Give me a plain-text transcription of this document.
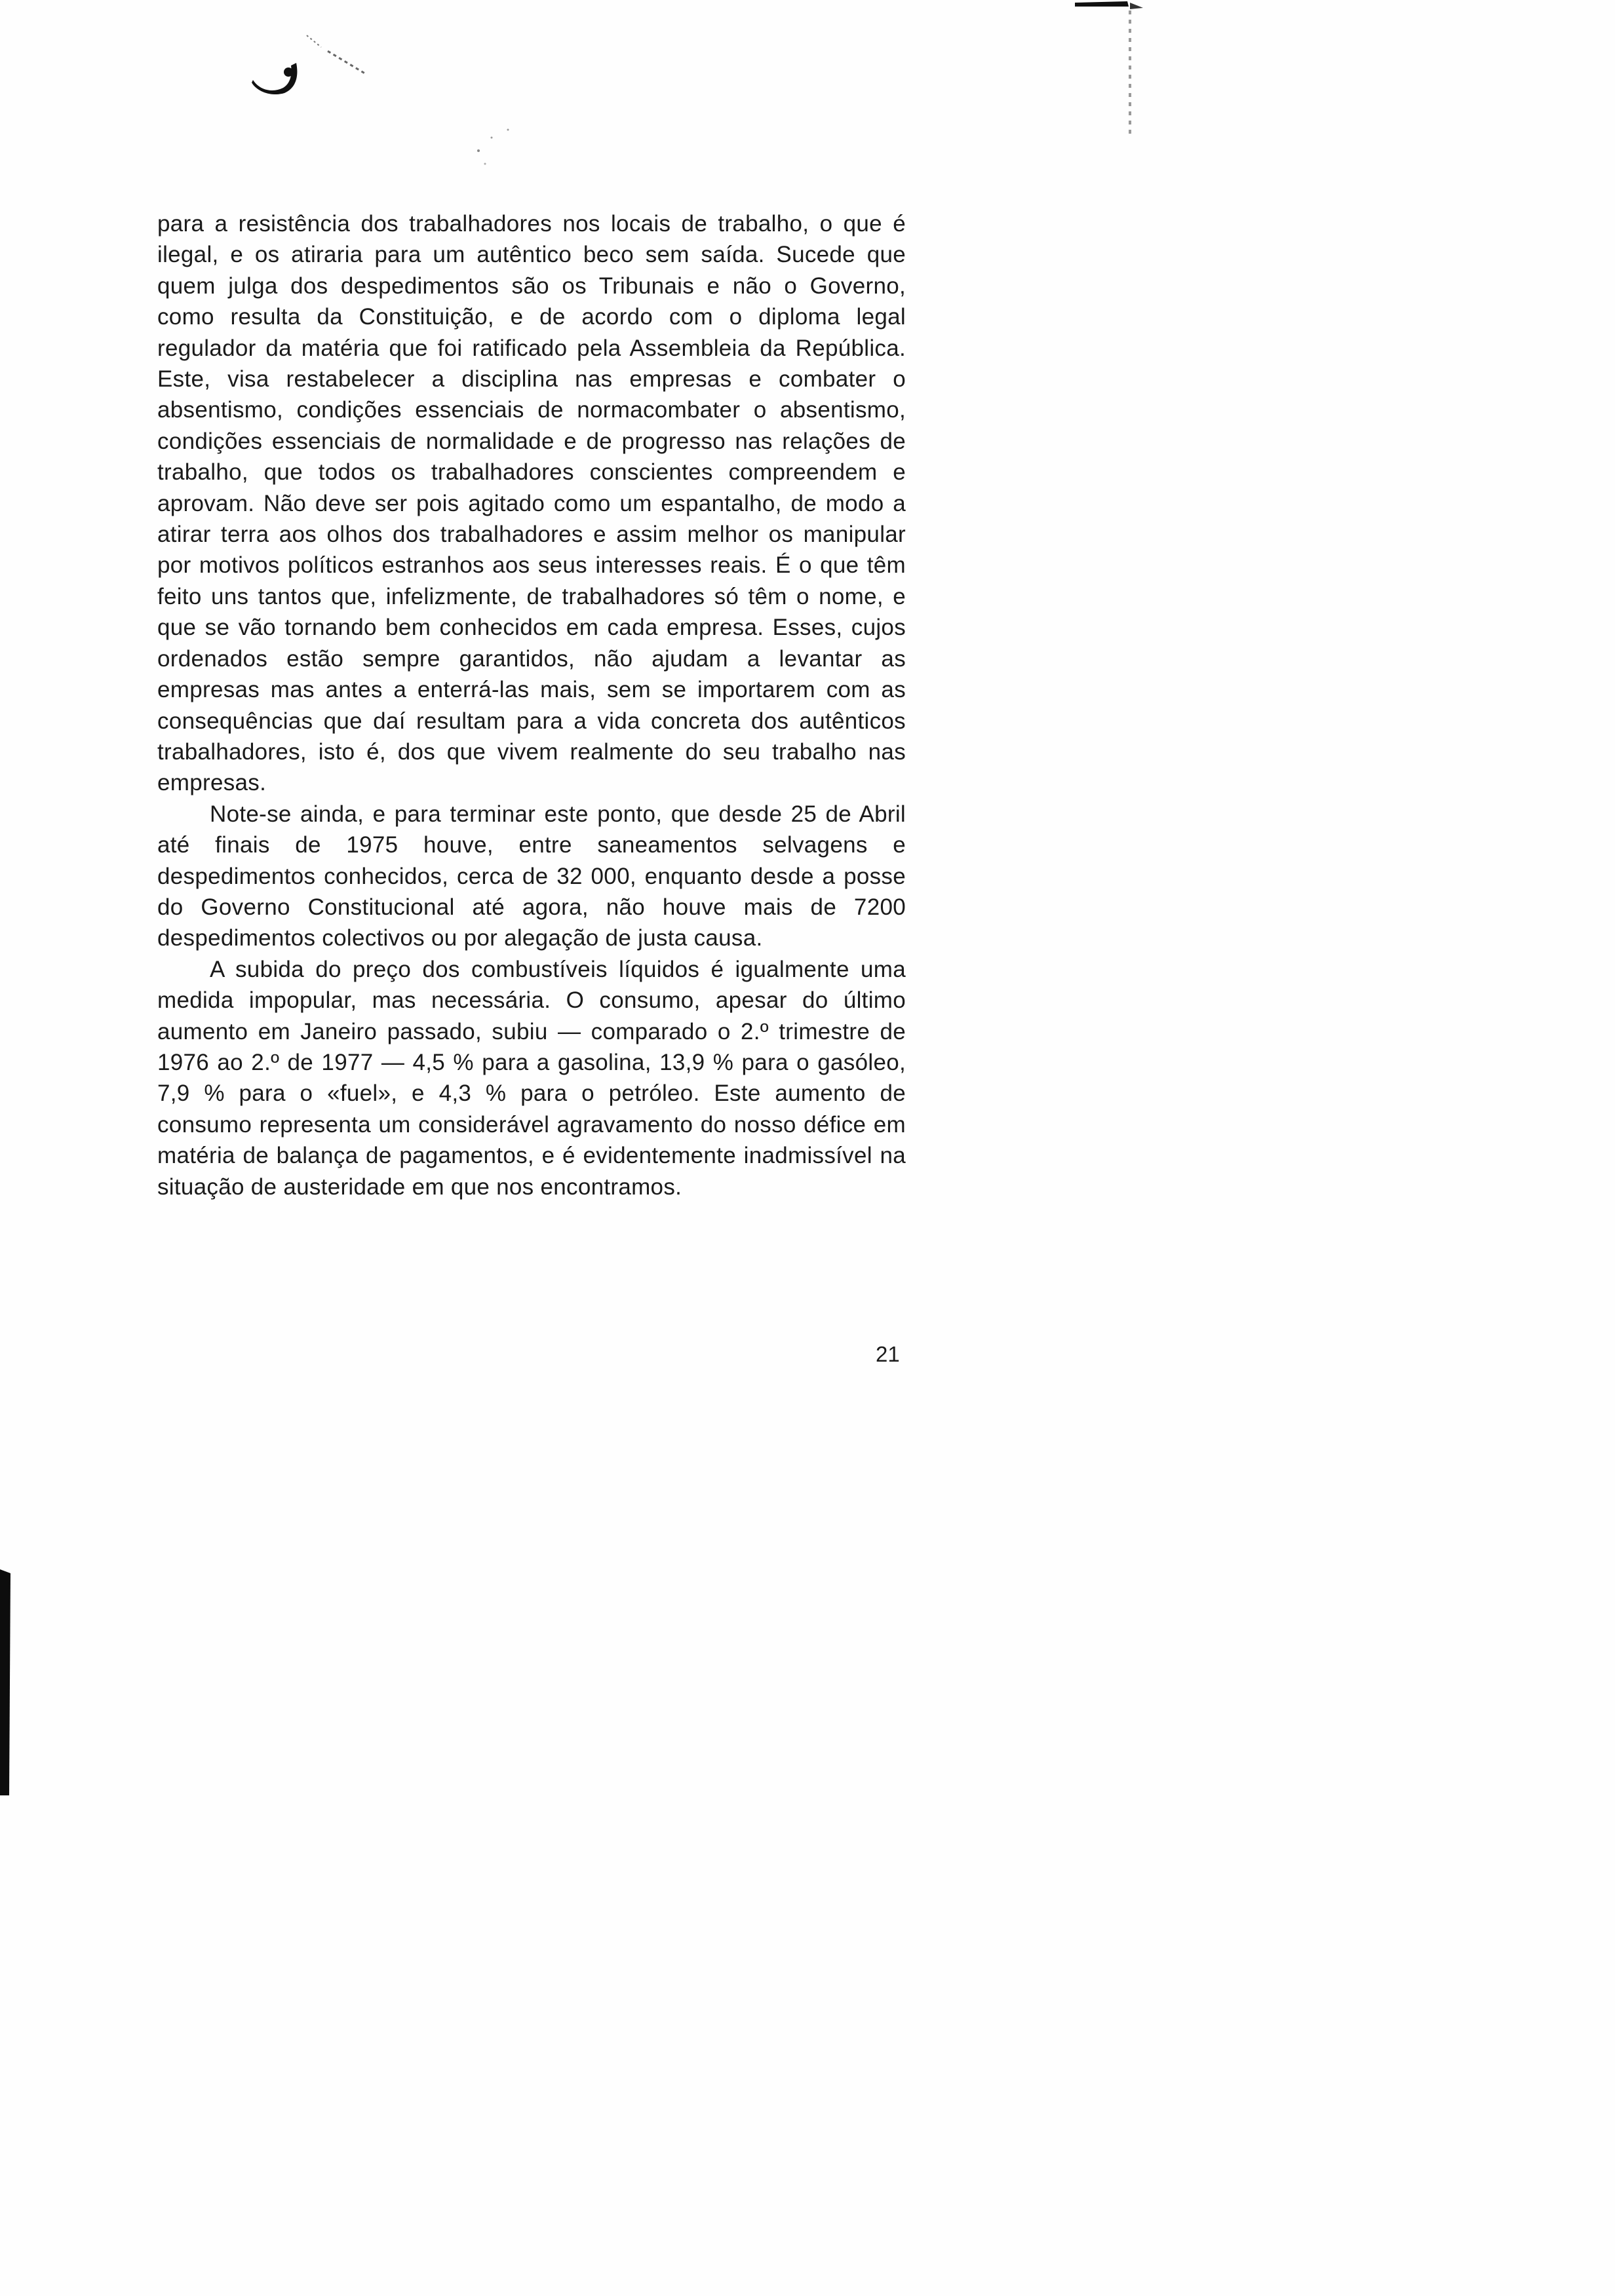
para a resistência dos trabalhadores nos locais de trabalho, o que é ilegal, e os atiraria para um autêntico beco sem saída. Sucede que quem julga dos despedimentos são os Tribunais e não o Governo, como resulta da Constituição, e de acordo com o diploma legal regulador da matéria que foi ratificado pela Assembleia da República. Este, visa restabelecer a disciplina nas empresas e combater o absentismo, condições essenciais de normacombater o absentismo, condições essenciais de normalidade e de progresso nas relações de trabalho, que todos os trabalhadores conscientes compreendem e aprovam. Não deve ser pois agitado como um espantalho, de modo a atirar terra aos olhos dos trabalhadores e assim melhor os manipular por motivos políticos estranhos aos seus interesses reais. É o que têm feito uns tantos que, infelizmente, de trabalhadores só têm o nome, e que se vão tornando bem conhecidos em cada empresa. Esses, cujos ordenados estão sempre garantidos, não ajudam a levantar as empresas mas antes a enterrá-las mais, sem se importarem com as consequências que daí resultam para a vida concreta dos autênticos trabalhadores, isto é, dos que vivem realmente do seu trabalho nas empresas.

Note-se ainda, e para terminar este ponto, que desde 25 de Abril até finais de 1975 houve, entre saneamentos selvagens e despedimentos conhecidos, cerca de 32 000, enquanto desde a posse do Governo Constitucional até agora, não houve mais de 7200 despedimentos colectivos ou por alegação de justa causa.

A subida do preço dos combustíveis líquidos é igualmente uma medida impopular, mas necessária. O consumo, apesar do último aumento em Janeiro passado, subiu — comparado o 2.º trimestre de 1976 ao 2.º de 1977 — 4,5 % para a gasolina, 13,9 % para o gasóleo, 7,9 % para o «fuel», e 4,3 % para o petróleo. Este aumento de consumo representa um considerável agravamento do nosso défice em matéria de balança de pagamentos, e é evidentemente inadmissível na situação de austeridade em que nos encontramos.

21
